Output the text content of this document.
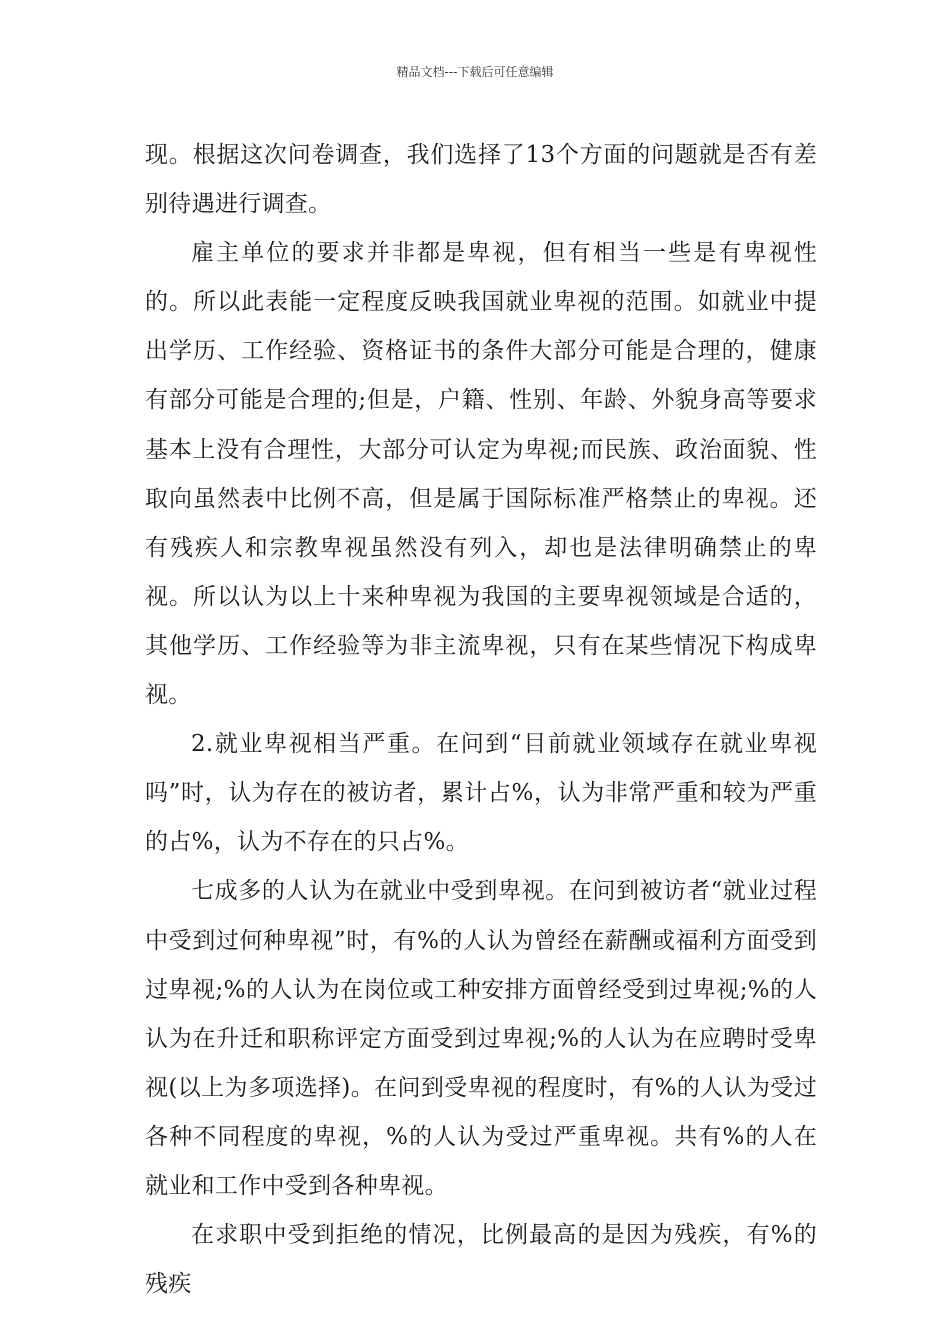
精品文档---下载后可任意编辑

现。根据这次问卷调查，我们选择了13个方面的问题就是否有差别待遇进行调查。

雇主单位的要求并非都是卑视，但有相当一些是有卑视性的。所以此表能一定程度反映我国就业卑视的范围。如就业中提出学历、工作经验、资格证书的条件大部分可能是合理的，健康有部分可能是合理的;但是，户籍、性别、年龄、外貌身高等要求基本上没有合理性，大部分可认定为卑视;而民族、政治面貌、性取向虽然表中比例不高，但是属于国际标准严格禁止的卑视。还有残疾人和宗教卑视虽然没有列入，却也是法律明确禁止的卑视。所以认为以上十来种卑视为我国的主要卑视领域是合适的，其他学历、工作经验等为非主流卑视，只有在某些情况下构成卑视。

2.就业卑视相当严重。在问到“目前就业领域存在就业卑视吗”时，认为存在的被访者，累计占%，认为非常严重和较为严重的占%，认为不存在的只占%。

七成多的人认为在就业中受到卑视。在问到被访者“就业过程中受到过何种卑视”时，有%的人认为曾经在薪酬或福利方面受到过卑视;%的人认为在岗位或工种安排方面曾经受到过卑视;%的人认为在升迁和职称评定方面受到过卑视;%的人认为在应聘时受卑视(以上为多项选择)。在问到受卑视的程度时，有%的人认为受过各种不同程度的卑视，%的人认为受过严重卑视。共有%的人在就业和工作中受到各种卑视。

在求职中受到拒绝的情况，比例最高的是因为残疾，有%的残疾
